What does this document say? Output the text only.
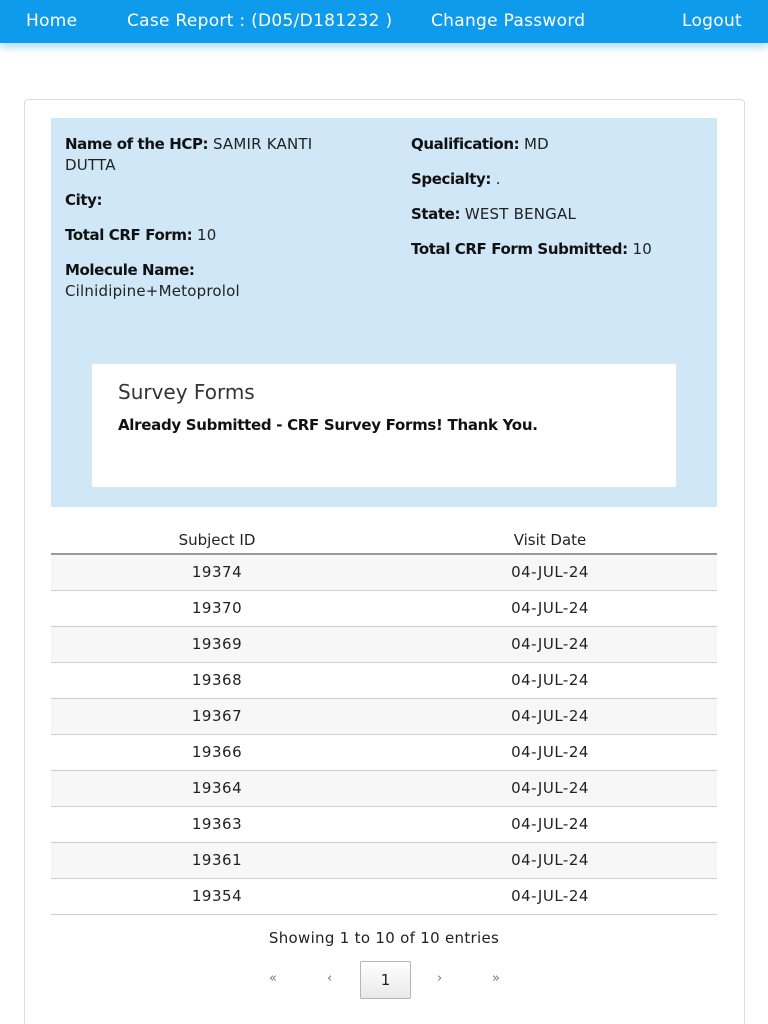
Home	Case Report : (D05/D181232 ) Change Password	Logout
Name of the HCP: SAMIR KANTI DUTTA
City:
Total CRF Form: 10
Molecule Name:
Cilnidipine+Metoprolol
Qualification: MD
Specialty: .
State: WEST BENGAL
Total CRF Form Submitted: 10
Survey Forms
Already Submitted - CRF Survey Forms! Thank You.
Subject ID	Visit Date
19374	04-JUL-24
19370	04-JUL-24
19369	04-JUL-24
19368	04-JUL-24
19367	04-JUL-24
19366	04-JUL-24
19364	04-JUL-24
19363	04-JUL-24
19361	04-JUL-24
19354	04-JUL-24
Showing 1 to 10 of 10 entries
«	‹	1	›	»
